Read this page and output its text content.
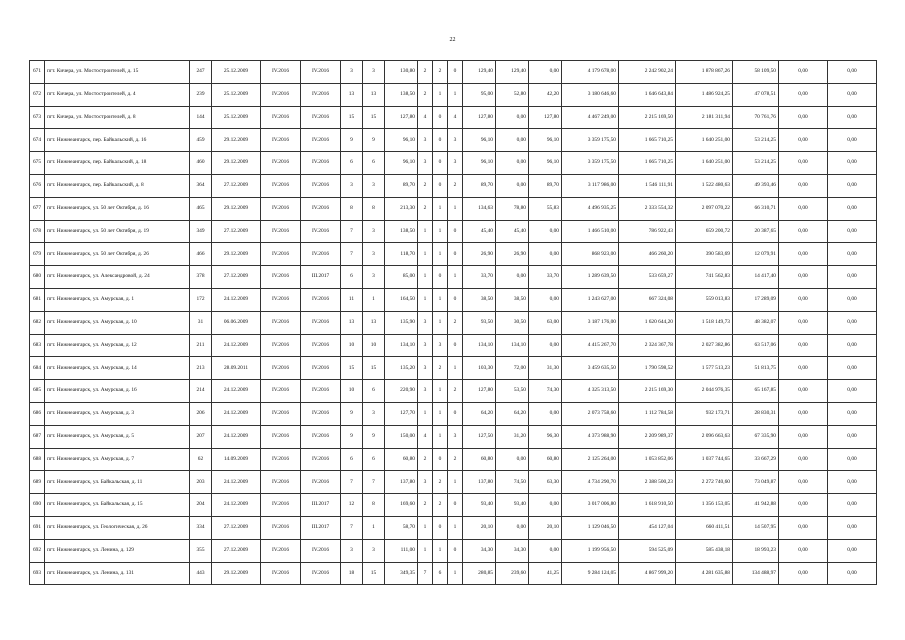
22
671	пгт. Кичера, ул. Мостостроителей, д. 15	247	25.12.2009	IV.2016	IV.2016	3	3	130,80	2	2	0	129,40	129,40	0,00	4 179 678,00	2 242 902,24	1 878 867,26	58 109,50	0,00	0,00
672	пгт. Кичера, ул. Мостостроителей, д. 4	239	25.12.2009	IV.2016	IV.2016	13	13	138,50	2	1	1	95,00	52,80	42,20	3 180 646,60	1 646 643,84	1 486 924,25	47 078,51	0,00	0,00
673	пгт. Кичера, ул. Мостостроителей, д. 8	144	25.12.2009	IV.2016	IV.2016	15	15	127,80	4	0	4	127,80	0,00	127,80	4 467 249,00	2 215 169,50	2 181 311,94	70 761,76	0,00	0,00
674	пгт. Нижнеангарск, пер. Байкальский, д. 16	459	29.12.2009	IV.2016	IV.2016	9	9	96,10	3	0	3	96,10	0,00	96,10	3 359 175,50	1 665 710,25	1 640 251,00	53 214,25	0,00	0,00
675	пгт. Нижнеангарск, пер. Байкальский, д. 18	460	29.12.2009	IV.2016	IV.2016	6	6	96,10	3	0	3	96,10	0,00	96,10	3 359 175,50	1 665 710,25	1 640 251,00	53 214,25	0,00	0,00
676	пгт. Нижнеангарск, пер. Байкальский, д. 8	364	27.12.2009	IV.2016	IV.2016	3	3	89,70	2	0	2	89,70	0,00	89,70	3 117 986,00	1 546 111,91	1 522 480,63	49 393,46	0,00	0,00
677	пгт. Нижнеангарск, ул. 50 лет Октября, д. 16	465	29.12.2009	IV.2016	IV.2016	8	8	213,30	2	1	1	134,63	78,80	55,83	4 496 935,25	2 333 554,32	2 097 070,22	66 310,71	0,00	0,00
678	пгт. Нижнеангарск, ул. 50 лет Октября, д. 19	349	27.12.2009	IV.2016	IV.2016	7	3	138,50	1	1	0	45,40	45,40	0,00	1 466 510,00	786 922,43	659 200,72	20 387,65	0,00	0,00
679	пгт. Нижнеангарск, ул. 50 лет Октября, д. 26	466	29.12.2009	IV.2016	IV.2016	7	3	118,70	1	1	0	26,90	26,90	0,00	868 923,00	466 260,20	390 583,69	12 079,91	0,00	0,00
680	пгт. Нижнеангарск, ул. Александровой, д. 24	378	27.12.2009	IV.2016	III.2017	6	3	85,00	1	0	1	33,70	0,00	33,70	1 289 639,50	533 659,27	741 562,83	14 417,40	0,00	0,00
681	пгт. Нижнеангарск, ул. Амурская, д. 1	172	24.12.2009	IV.2016	IV.2016	11	1	164,50	1	1	0	38,50	38,50	0,00	1 243 627,00	667 324,08	559 013,83	17 289,09	0,00	0,00
682	пгт. Нижнеангарск, ул. Амурская, д. 10	31	06.06.2009	IV.2016	IV.2016	13	13	135,90	3	1	2	93,50	30,50	63,00	3 187 176,00	1 620 644,20	1 518 149,73	48 382,07	0,00	0,00
683	пгт. Нижнеангарск, ул. Амурская, д. 12	211	24.12.2009	IV.2016	IV.2016	10	10	134,10	3	3	0	134,10	134,10	0,00	4 415 267,70	2 324 367,78	2 027 382,86	63 517,06	0,00	0,00
684	пгт. Нижнеангарск, ул. Амурская, д. 14	213	28.09.2011	IV.2016	IV.2016	15	15	135,20	3	2	1	103,30	72,00	31,30	3 459 635,50	1 790 598,52	1 577 513,23	51 813,75	0,00	0,00
685	пгт. Нижнеангарск, ул. Амурская, д. 16	214	24.12.2009	IV.2016	IV.2016	10	6	220,90	3	1	2	127,80	53,50	74,30	4 325 313,50	2 215 169,30	2 044 976,35	65 167,85	0,00	0,00
686	пгт. Нижнеангарск, ул. Амурская, д. 3	206	24.12.2009	IV.2016	IV.2016	9	3	127,70	1	1	0	64,20	64,20	0,00	2 073 758,60	1 112 784,58	932 173,71	28 830,31	0,00	0,00
687	пгт. Нижнеангарск, ул. Амурская, д. 5	207	24.12.2009	IV.2016	IV.2016	9	9	150,00	4	1	3	127,50	31,20	96,30	4 373 988,90	2 209 989,37	2 096 663,63	67 335,90	0,00	0,00
688	пгт. Нижнеангарск, ул. Амурская, д. 7	62	14.09.2009	IV.2016	IV.2016	6	6	60,80	2	0	2	60,80	0,00	60,80	2 125 264,00	1 053 852,06	1 037 744,65	33 667,29	0,00	0,00
689	пгт. Нижнеангарск, ул. Байкальская, д. 11	203	24.12.2009	IV.2016	IV.2016	7	7	137,80	3	2	1	137,80	74,50	63,30	4 734 290,70	2 388 500,23	2 272 740,60	73 049,87	0,00	0,00
690	пгт. Нижнеангарск, ул. Байкальская, д. 15	204	24.12.2009	IV.2016	III.2017	12	8	169,60	2	2	0	93,40	93,40	0,00	3 017 006,80	1 618 910,50	1 356 153,05	41 942,88	0,00	0,00
691	пгт. Нижнеангарск, ул. Геологическая, д. 26	334	27.12.2009	IV.2016	III.2017	7	1	58,70	1	0	1	20,10	0,00	20,10	1 129 046,50	454 127,04	660 411,51	14 507,95	0,00	0,00
692	пгт. Нижнеангарск, ул. Ленина, д. 129	355	27.12.2009	IV.2016	IV.2016	3	3	111,00	1	1	0	34,30	34,30	0,00	1 199 956,50	594 525,09	585 438,18	18 993,23	0,00	0,00
693	пгт. Нижнеангарск, ул. Ленина, д. 131	443	29.12.2009	IV.2016	IV.2016	18	15	349,35	7	6	1	280,85	239,60	41,25	9 284 124,05	4 867 999,20	4 281 635,88	134 488,97	0,00	0,00
